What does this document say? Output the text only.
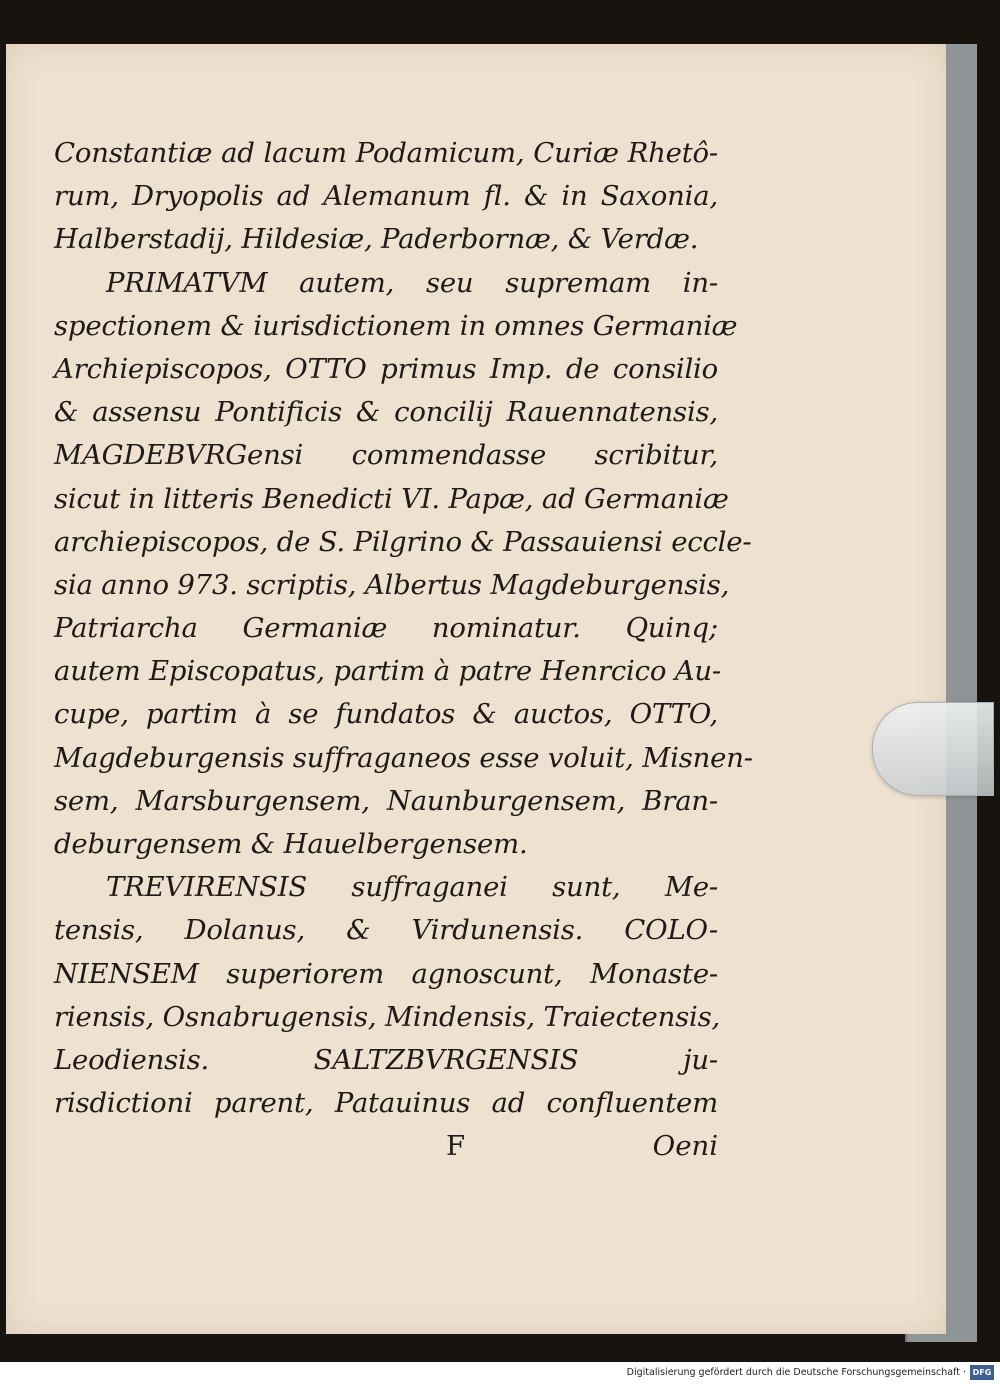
Constantiæ ad lacum Podamicum, Curiæ Rhetô-
rum, Dryopolis ad Alemanum fl. & in Saxonia,
Halberstadij, Hildesiæ, Paderbornæ, & Verdæ.
PRIMATVM autem, seu supremam in-
spectionem & iurisdictionem in omnes Germaniæ
Archiepiscopos, OTTO primus Imp. de consilio
& assensu Pontificis & concilij Rauennatensis,
MAGDEBVRGensi commendasse scribitur,
sicut in litteris Benedicti VI. Papæ, ad Germaniæ
archiepiscopos, de S. Pilgrino & Passauiensi eccle-
sia anno 973. scriptis, Albertus Magdeburgensis,
Patriarcha Germaniæ nominatur. Quinq;
autem Episcopatus, partim à patre Henrcico Au-
cupe, partim à se fundatos & auctos, OTTO,
Magdeburgensis suffraganeos esse voluit, Misnen-
sem, Marsburgensem, Naunburgensem, Bran-
deburgensem & Hauelbergensem.
TREVIRENSIS suffraganei sunt, Me-
tensis, Dolanus, & Virdunensis. COLO-
NIENSEM superiorem agnoscunt, Monaste-
riensis, Osnabrugensis, Mindensis, Traiectensis,
Leodiensis. SALTZBVRGENSIS ju-
risdictioni parent, Patauinus ad confluentem
F	Oeni
Digitalisierung gefördert durch die Deutsche Forschungsgemeinschaft · DFG
